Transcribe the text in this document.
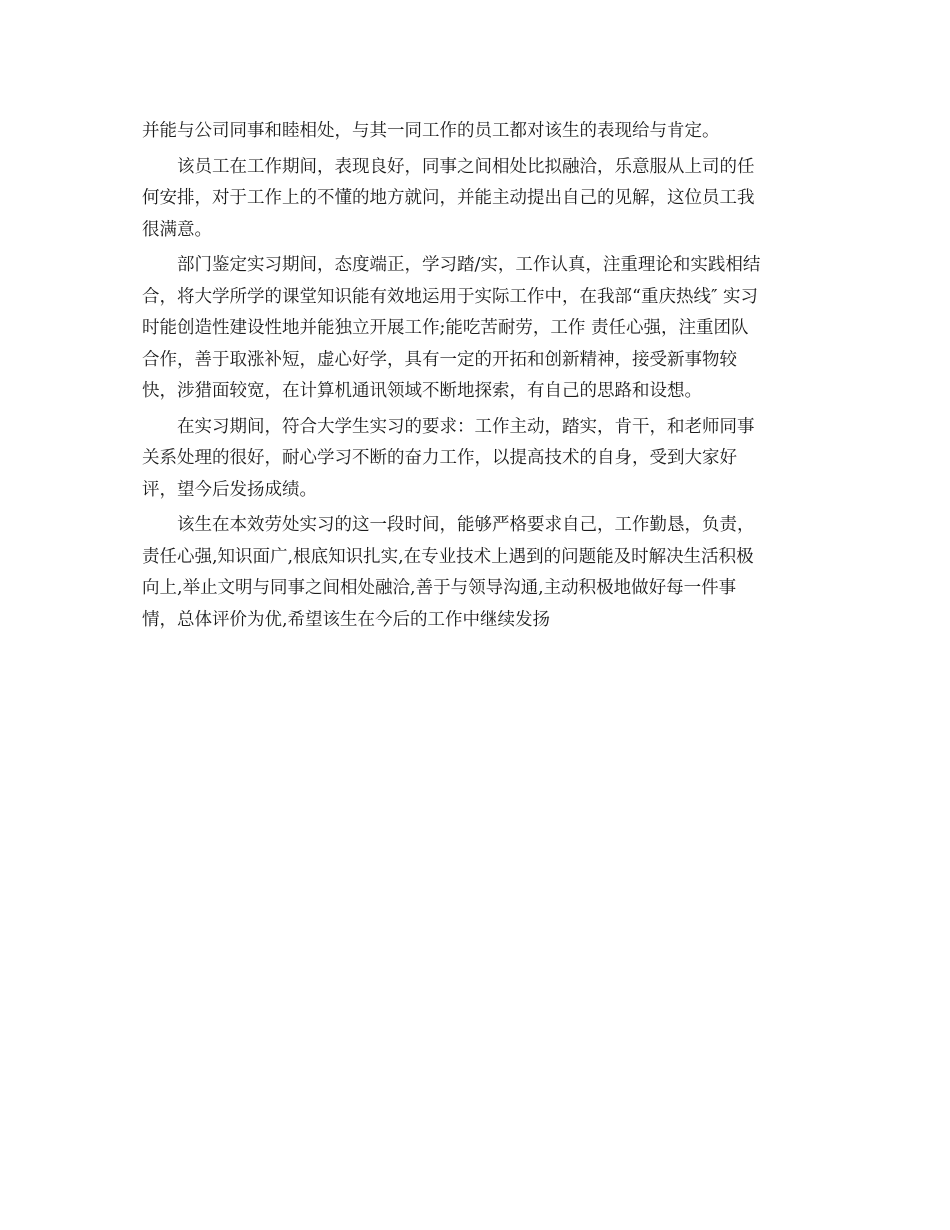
并能与公司同事和睦相处，与其一同工作的员工都对该生的表现给与肯定。
该员工在工作期间，表现良好，同事之间相处比拟融洽，乐意服从上司的任
何安排，对于工作上的不懂的地方就问，并能主动提出自己的见解，这位员工我
很满意。
部门鉴定实习期间，态度端正，学习踏/实，工作认真，注重理论和实践相结
合，将大学所学的课堂知识能有效地运用于实际工作中，在我部“重庆热线″ 实习
时能创造性建设性地并能独立开展工作;能吃苦耐劳，工作 责任心强，注重团队
合作，善于取涨补短，虚心好学，具有一定的开拓和创新精神，接受新事物较
快，涉猎面较宽，在计算机通讯领域不断地探索，有自己的思路和设想。
在实习期间，符合大学生实习的要求：工作主动，踏实，肯干，和老师同事
关系处理的很好，耐心学习不断的奋力工作，以提高技术的自身，受到大家好
评，望今后发扬成绩。
该生在本效劳处实习的这一段时间，能够严格要求自己，工作勤恳，负责，
责任心强,知识面广,根底知识扎实,在专业技术上遇到的问题能及时解决生活积极
向上,举止文明与同事之间相处融洽,善于与领导沟通,主动积极地做好每一件事
情，总体评价为优,希望该生在今后的工作中继续发扬
